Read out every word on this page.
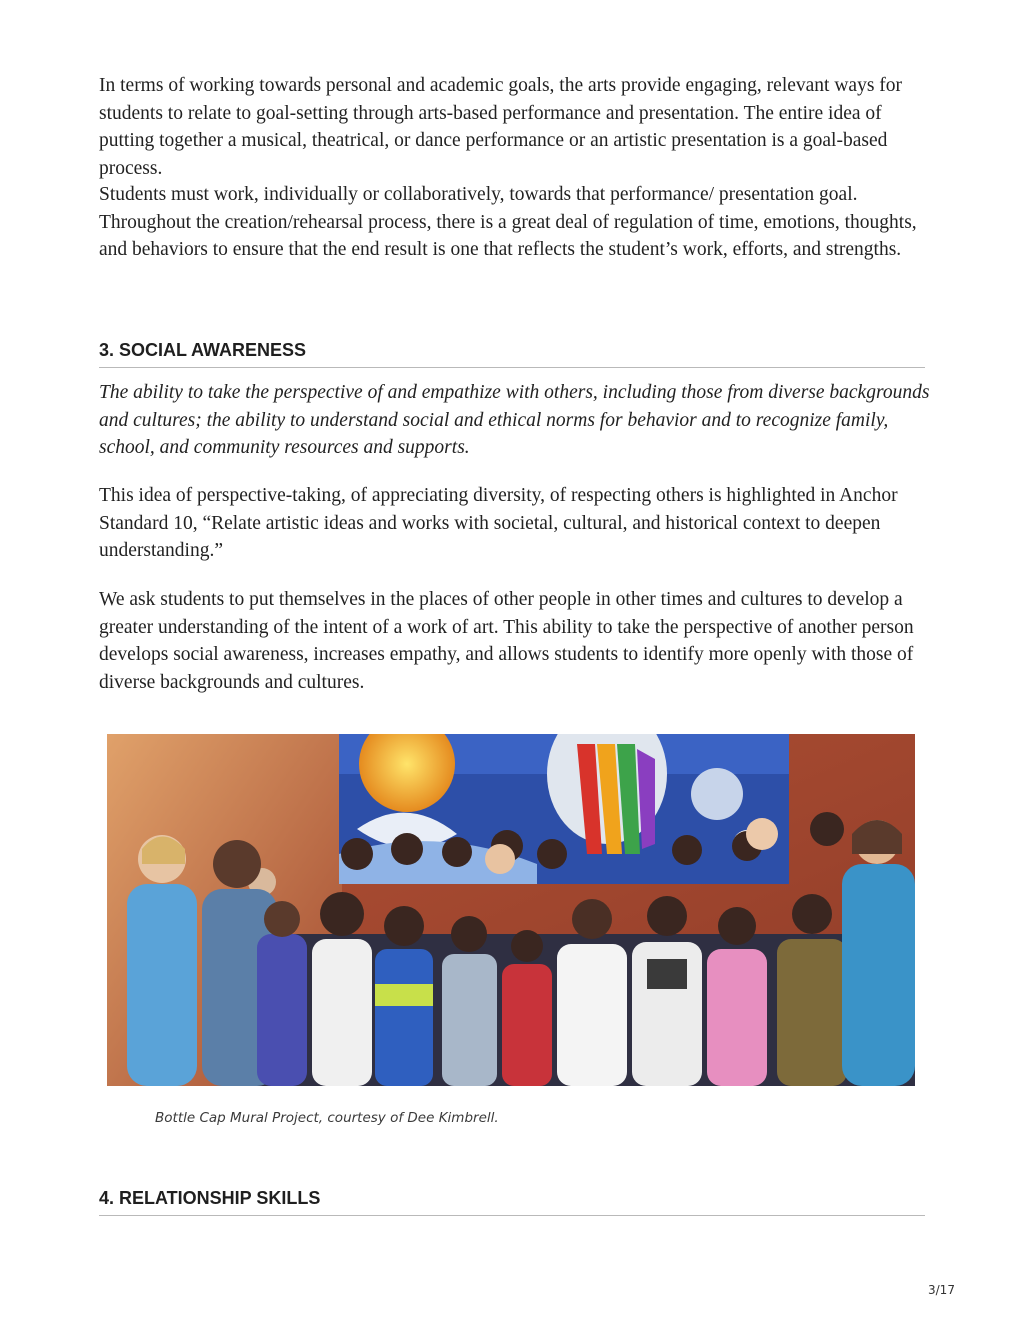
In terms of working towards personal and academic goals, the arts provide engaging, relevant ways for students to relate to goal-setting through arts-based performance and presentation. The entire idea of putting together a musical, theatrical, or dance performance or an artistic presentation is a goal-based process.

Students must work, individually or collaboratively, towards that performance/ presentation goal. Throughout the creation/rehearsal process, there is a great deal of regulation of time, emotions, thoughts, and behaviors to ensure that the end result is one that reflects the student’s work, efforts, and strengths.

3. SOCIAL AWARENESS

The ability to take the perspective of and empathize with others, including those from diverse backgrounds and cultures; the ability to understand social and ethical norms for behavior and to recognize family, school, and community resources and supports.

This idea of perspective-taking, of appreciating diversity, of respecting others is highlighted in Anchor Standard 10, “Relate artistic ideas and works with societal, cultural, and historical context to deepen understanding.”

We ask students to put themselves in the places of other people in other times and cultures to develop a greater understanding of the intent of a work of art. This ability to take the perspective of another person develops social awareness, increases empathy, and allows students to identify more openly with those of diverse backgrounds and cultures.

Bottle Cap Mural Project, courtesy of Dee Kimbrell.

4. RELATIONSHIP SKILLS

3/17
